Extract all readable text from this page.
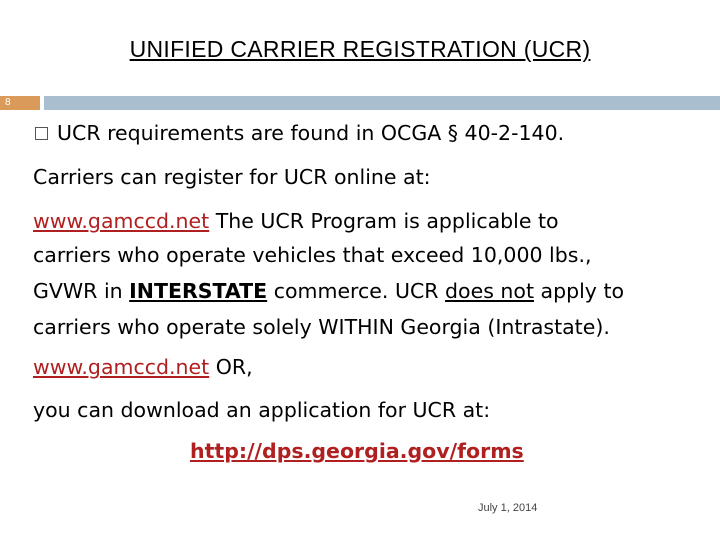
UNIFIED CARRIER REGISTRATION (UCR)
8
UCR requirements are found in OCGA § 40-2-140.
Carriers can register for UCR online at:
www.gamccd.net The UCR Program is applicable to
carriers who operate vehicles that exceed 10,000 lbs.,
GVWR in INTERSTATE commerce. UCR does not apply to
carriers who operate solely WITHIN Georgia (Intrastate).
www.gamccd.net OR,
you can download an application for UCR at:
http://dps.georgia.gov/forms
July 1, 2014
